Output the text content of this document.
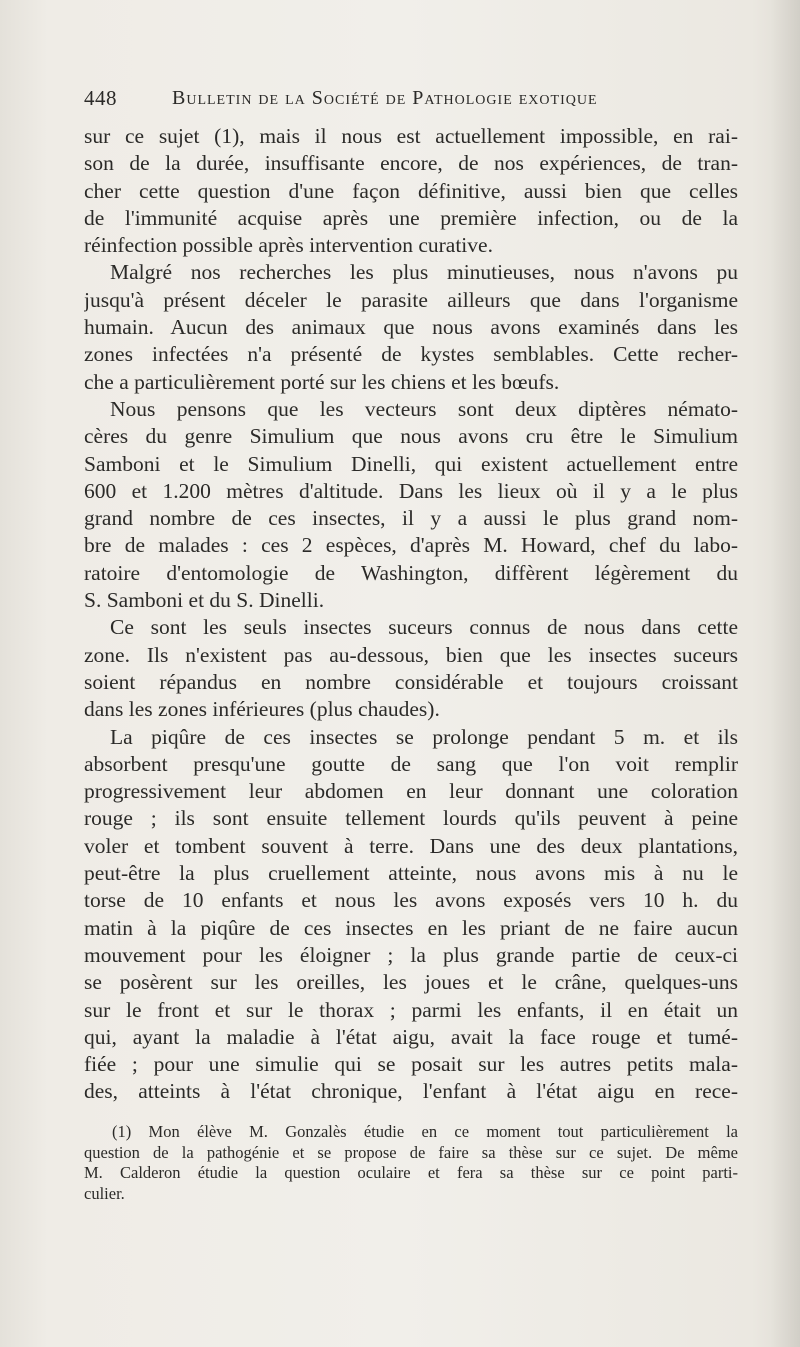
448	Bulletin de la Société de Pathologie exotique
sur ce sujet (1), mais il nous est actuellement impossible, en rai-
son de la durée, insuffisante encore, de nos expériences, de tran-
cher cette question d'une façon définitive, aussi bien que celles
de l'immunité acquise après une première infection, ou de la
réinfection possible après intervention curative.
Malgré nos recherches les plus minutieuses, nous n'avons pu
jusqu'à présent déceler le parasite ailleurs que dans l'organisme
humain. Aucun des animaux que nous avons examinés dans les
zones infectées n'a présenté de kystes semblables. Cette recher-
che a particulièrement porté sur les chiens et les bœufs.
Nous pensons que les vecteurs sont deux diptères némato-
cères du genre Simulium que nous avons cru être le Simulium
Samboni et le Simulium Dinelli, qui existent actuellement entre
600 et 1.200 mètres d'altitude. Dans les lieux où il y a le plus
grand nombre de ces insectes, il y a aussi le plus grand nom-
bre de malades : ces 2 espèces, d'après M. Howard, chef du labo-
ratoire d'entomologie de Washington, diffèrent légèrement du
S. Samboni et du S. Dinelli.
Ce sont les seuls insectes suceurs connus de nous dans cette
zone. Ils n'existent pas au-dessous, bien que les insectes suceurs
soient répandus en nombre considérable et toujours croissant
dans les zones inférieures (plus chaudes).
La piqûre de ces insectes se prolonge pendant 5 m. et ils
absorbent presqu'une goutte de sang que l'on voit remplir
progressivement leur abdomen en leur donnant une coloration
rouge ; ils sont ensuite tellement lourds qu'ils peuvent à peine
voler et tombent souvent à terre. Dans une des deux plantations,
peut-être la plus cruellement atteinte, nous avons mis à nu le
torse de 10 enfants et nous les avons exposés vers 10 h. du
matin à la piqûre de ces insectes en les priant de ne faire aucun
mouvement pour les éloigner ; la plus grande partie de ceux-ci
se posèrent sur les oreilles, les joues et le crâne, quelques-uns
sur le front et sur le thorax ; parmi les enfants, il en était un
qui, ayant la maladie à l'état aigu, avait la face rouge et tumé-
fiée ; pour une simulie qui se posait sur les autres petits mala-
des, atteints à l'état chronique, l'enfant à l'état aigu en rece-
(1) Mon élève M. Gonzalès étudie en ce moment tout particulièrement la
question de la pathogénie et se propose de faire sa thèse sur ce sujet. De même
M. Calderon étudie la question oculaire et fera sa thèse sur ce point parti-
culier.
